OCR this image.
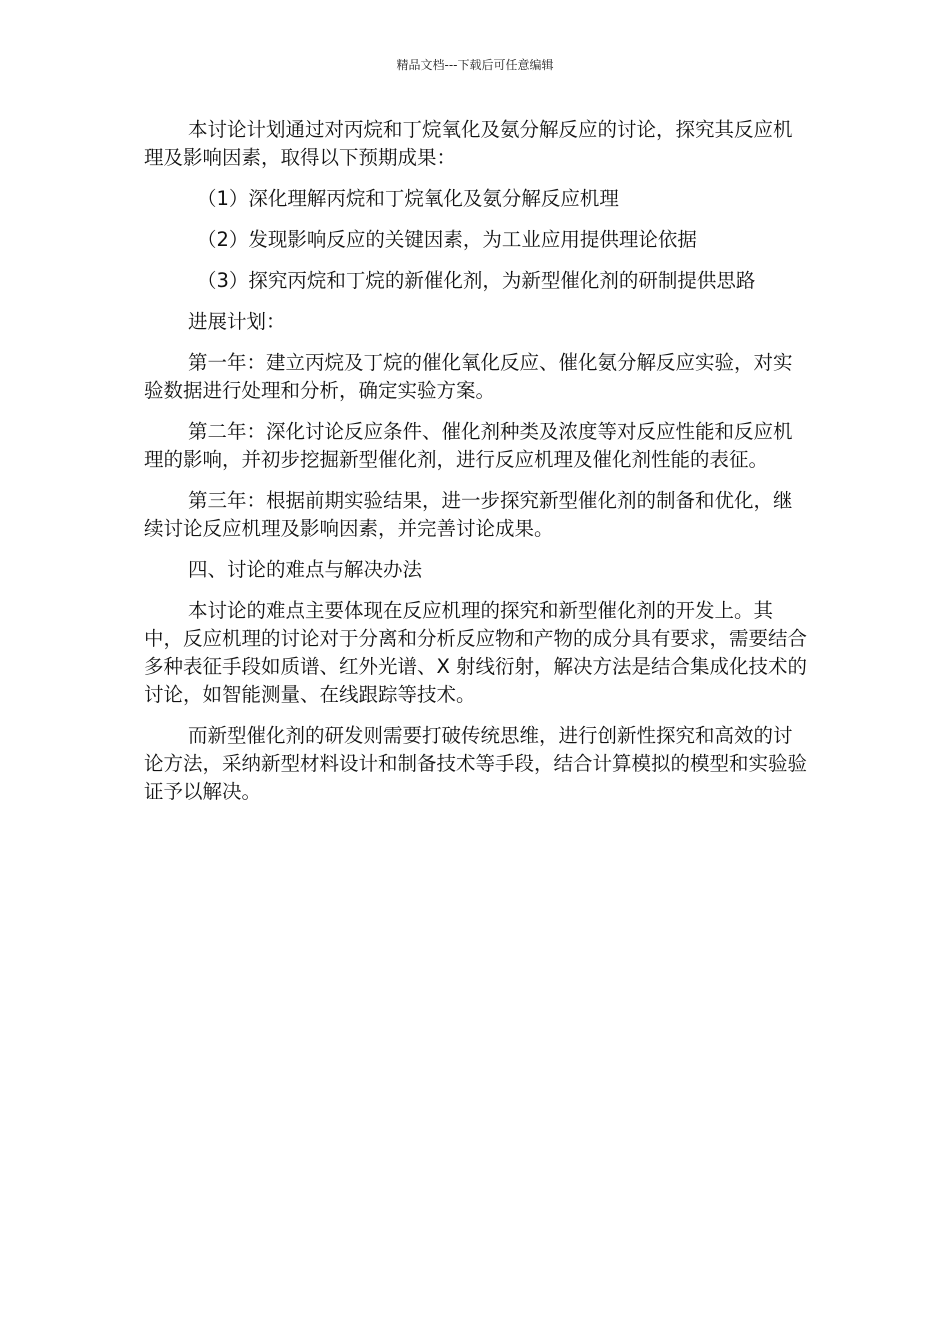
精品文档---下载后可任意编辑

本讨论计划通过对丙烷和丁烷氧化及氨分解反应的讨论，探究其反应机理及影响因素，取得以下预期成果：

（1）深化理解丙烷和丁烷氧化及氨分解反应机理

（2）发现影响反应的关键因素，为工业应用提供理论依据

（3）探究丙烷和丁烷的新催化剂，为新型催化剂的研制提供思路

进展计划：

第一年：建立丙烷及丁烷的催化氧化反应、催化氨分解反应实验，对实验数据进行处理和分析，确定实验方案。

第二年：深化讨论反应条件、催化剂种类及浓度等对反应性能和反应机理的影响，并初步挖掘新型催化剂，进行反应机理及催化剂性能的表征。

第三年：根据前期实验结果，进一步探究新型催化剂的制备和优化，继续讨论反应机理及影响因素，并完善讨论成果。

四、讨论的难点与解决办法

本讨论的难点主要体现在反应机理的探究和新型催化剂的开发上。其中，反应机理的讨论对于分离和分析反应物和产物的成分具有要求，需要结合多种表征手段如质谱、红外光谱、X 射线衍射，解决方法是结合集成化技术的讨论，如智能测量、在线跟踪等技术。

而新型催化剂的研发则需要打破传统思维，进行创新性探究和高效的讨论方法，采纳新型材料设计和制备技术等手段，结合计算模拟的模型和实验验证予以解决。
